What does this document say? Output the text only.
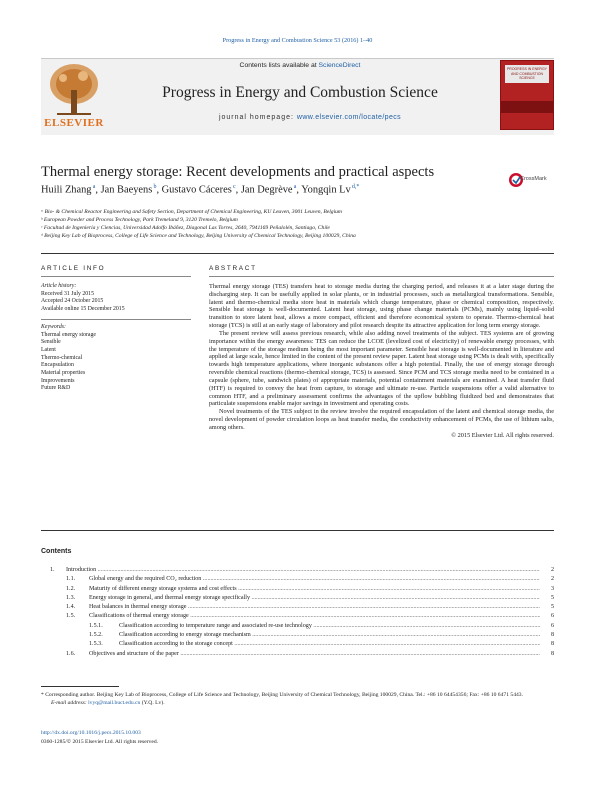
Progress in Energy and Combustion Science 53 (2016) 1–40
ELSEVIER
Contents lists available at ScienceDirect
Progress in Energy and Combustion Science
journal homepage: www.elsevier.com/locate/pecs
PROGRESS IN ENERGY AND COMBUSTION SCIENCE
Thermal energy storage: Recent developments and practical aspects
Huili Zhang $^a$, Jan Baeyens $^b$, Gustavo Cáceres $^c$, Jan Degrève $^a$, Yongqin Lv $^{d,*}$
CrossMark
ᵃ Bio- & Chemical Reactor Engineering and Safety Section, Department of Chemical Engineering, KU Leuven, 3001 Leuven, Belgium
ᵇ European Powder and Process Technology, Park Tremeland 9, 3120 Tremelo, Belgium
ᶜ Facultad de Ingeniería y Ciencias, Universidad Adolfo Ibáñez, Diagonal Las Torres, 2640, 7941169 Peñalolén, Santiago, Chile
ᵈ Beijing Key Lab of Bioprocess, College of Life Science and Technology, Beijing University of Chemical Technology, Beijing 100029, China
ARTICLE INFO	ABSTRACT
Article history:
Received 31 July 2015
Accepted 24 October 2015
Available online 15 December 2015
Keywords:
Thermal energy storage
Sensible
Latent
Thermo-chemical
Encapsulation
Material properties
Improvements
Future R&D

Thermal energy storage (TES) transfers heat to storage media during the charging period, and releases it at a later stage during the discharging step. It can be usefully applied in solar plants, or in industrial processes, such as metallurgical transformations. Sensible, latent and thermo-chemical media store heat in materials which change temperature, phase or chemical composition, respectively. Sensible heat storage is well-documented. Latent heat storage, using phase change materials (PCMs), mainly using liquid–solid transition to store latent heat, allows a more compact, efficient and therefore economical system to operate. Thermo-chemical heat storage (TCS) is still at an early stage of laboratory and pilot research despite its attractive application for long term energy storage.

The present review will assess previous research, while also adding novel treatments of the subject. TES systems are of growing importance within the energy awareness: TES can reduce the LCOE (levelized cost of electricity) of renewable energy processes, with the temperature of the storage medium being the most important parameter. Sensible heat storage is well-documented in literature and applied at large scale, hence limited in the content of the present review paper. Latent heat storage using PCMs is dealt with, specifically towards high temperature applications, where inorganic substances offer a high potential. Finally, the use of energy storage through reversible chemical reactions (thermo-chemical storage, TCS) is assessed. Since PCM and TCS storage media need to be contained in a capsule (sphere, tube, sandwich plates) of appropriate materials, potential containment materials are examined. A heat transfer fluid (HTF) is required to convey the heat from capture, to storage and ultimate re-use. Particle suspensions offer a valid alternative to common HTF, and a preliminary assessment confirms the advantages of the upflow bubbling fluidized bed and demonstrates that particulate suspensions enable major savings in investment and operating costs.

Novel treatments of the TES subject in the review involve the required encapsulation of the latent and chemical storage media, the novel development of powder circulation loops as heat transfer media, the conductivity enhancement of PCMs, the use of lithium salts, among others.

© 2015 Elsevier Ltd. All rights reserved.

Contents
1. Introduction .....	2
1.1. Global energy and the required CO₂ reduction .....	2
1.2. Maturity of different energy storage systems and cost effects .....	3
1.3. Energy storage in general, and thermal energy storage specifically .....	5
1.4. Heat balances in thermal energy storage .....	5
1.5. Classifications of thermal energy storage .....	6
1.5.1.	Classification according to temperature range and associated re-use technology .....	6
1.5.2.	Classification according to energy storage mechanism .....	8
1.5.3.	Classification according to the storage concept .....	8
1.6. Objectives and structure of the paper .....	8
* Corresponding author. Beijing Key Lab of Bioprocess, College of Life Science and Technology, Beijing University of Chemical Technology, Beijing 100029, China. Tel.: +86 10 64454356; Fax: +86 10 6471 5443.
E-mail address: lvyq@mail.buct.edu.cn (Y.Q. Lv).
http://dx.doi.org/10.1016/j.pecs.2015.10.003
0360-1285/© 2015 Elsevier Ltd. All rights reserved.
